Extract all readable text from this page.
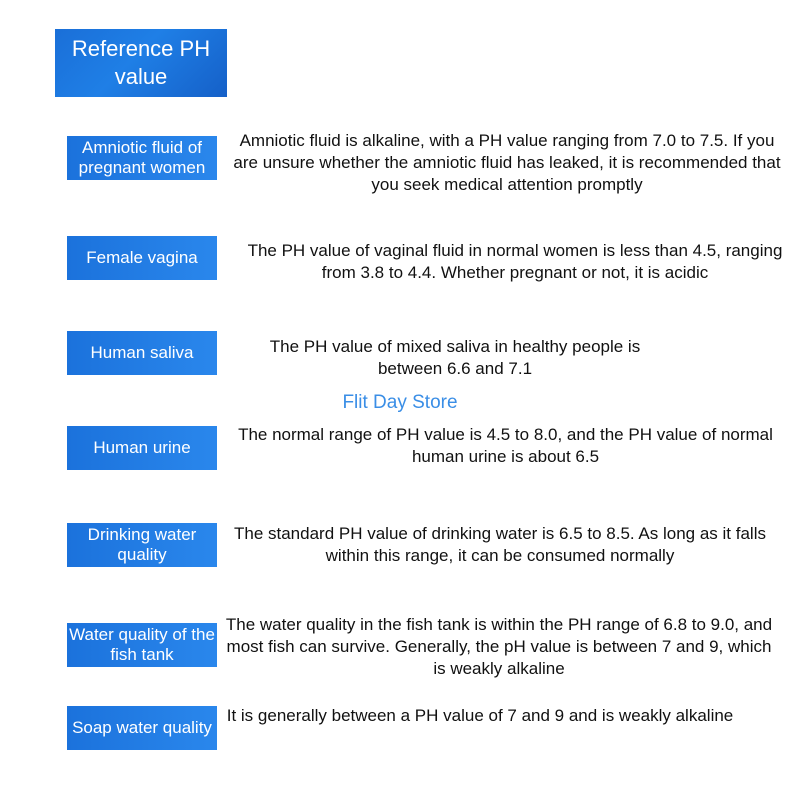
Reference PH value
Amniotic fluid of pregnant women
Amniotic fluid is alkaline, with a PH value ranging from 7.0 to 7.5. If you are unsure whether the amniotic fluid has leaked, it is recommended that you seek medical attention promptly
Female vagina	The PH value of vaginal fluid in normal women is less than 4.5, ranging from 3.8 to 4.4. Whether pregnant or not, it is acidic
Human saliva	The PH value of mixed saliva in healthy people is between 6.6 and 7.1
Flit Day Store
Human urine
The normal range of PH value is 4.5 to 8.0, and the PH value of normal human urine is about 6.5
Drinking water quality
The standard PH value of drinking water is 6.5 to 8.5. As long as it falls within this range, it can be consumed normally
Water quality of the fish tank
The water quality in the fish tank is within the PH range of 6.8 to 9.0, and most fish can survive. Generally, the pH value is between 7 and 9, which is weakly alkaline
Soap water quality
It is generally between a PH value of 7 and 9 and is weakly alkaline
